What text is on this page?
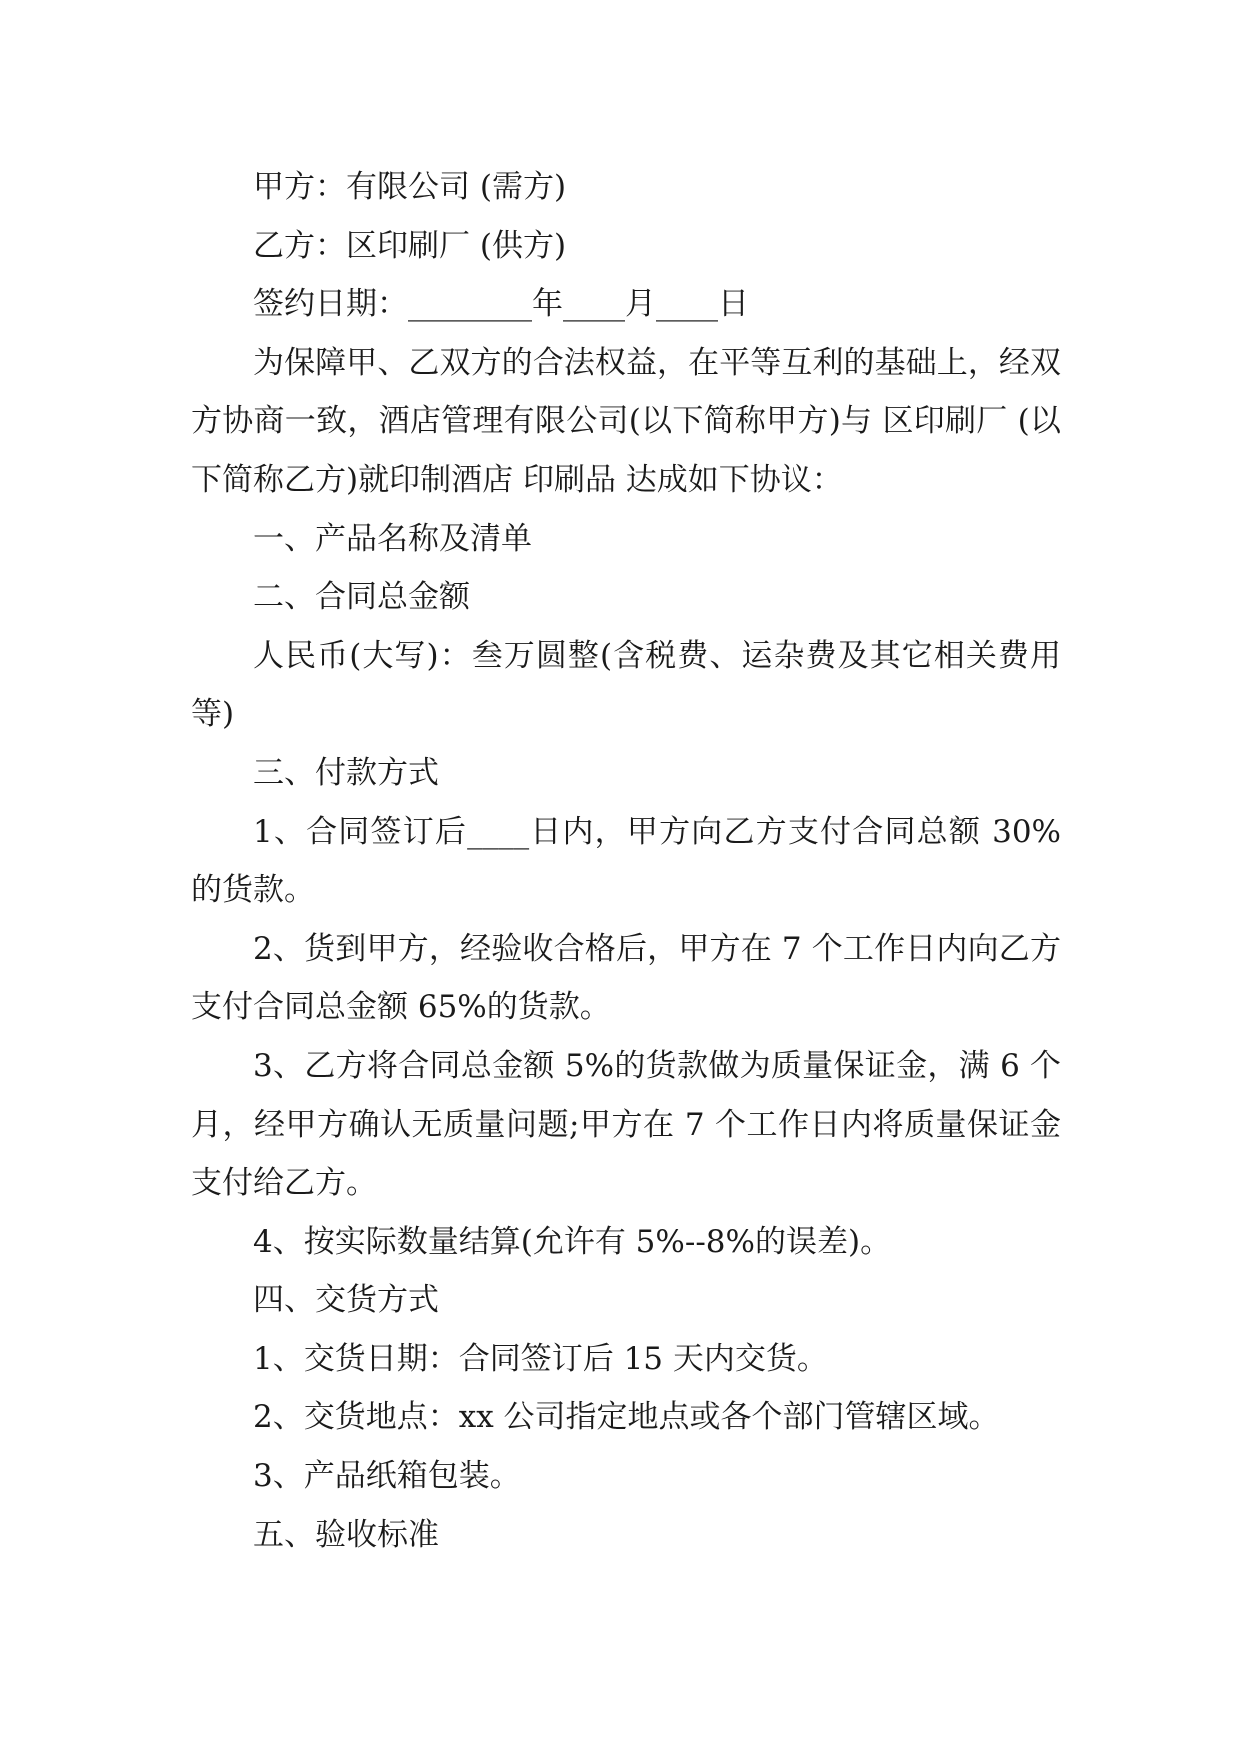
甲方：有限公司 (需方)

乙方：区印刷厂 (供方)

签约日期：________年____月____日

为保障甲、乙双方的合法权益，在平等互利的基础上，经双方协商一致，酒店管理有限公司(以下简称甲方)与 区印刷厂 (以下简称乙方)就印制酒店 印刷品 达成如下协议：

一、产品名称及清单

二、合同总金额

人民币(大写)：叁万圆整(含税费、运杂费及其它相关费用等)

三、付款方式

1、合同签订后____日内，甲方向乙方支付合同总额 30%的货款。

2、货到甲方，经验收合格后，甲方在 7 个工作日内向乙方支付合同总金额 65%的货款。

3、乙方将合同总金额 5%的货款做为质量保证金，满 6 个月，经甲方确认无质量问题;甲方在 7 个工作日内将质量保证金支付给乙方。

4、按实际数量结算(允许有 5%--8%的误差)。

四、交货方式

1、交货日期：合同签订后 15 天内交货。

2、交货地点：xx 公司指定地点或各个部门管辖区域。

3、产品纸箱包装。

五、验收标准
